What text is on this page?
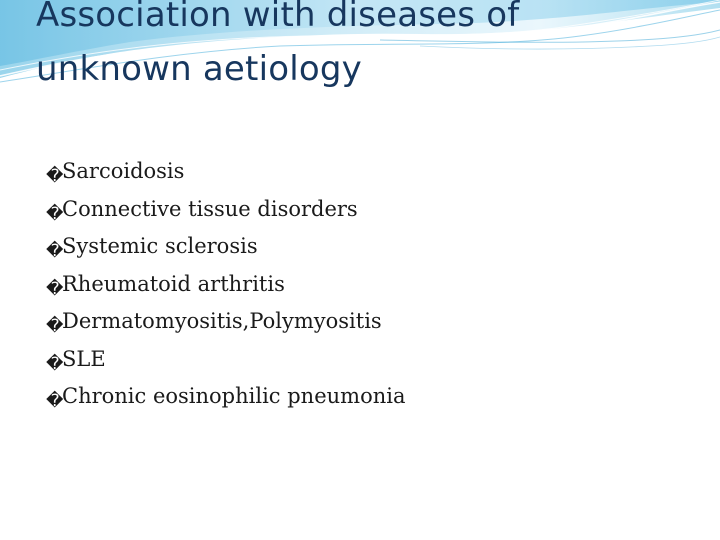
Association with diseases of
unknown aetiology
�Sarcoidosis
�Connective tissue disorders
�Systemic sclerosis
�Rheumatoid arthritis
�Dermatomyositis,Polymyositis
�SLE
�Chronic eosinophilic pneumonia
